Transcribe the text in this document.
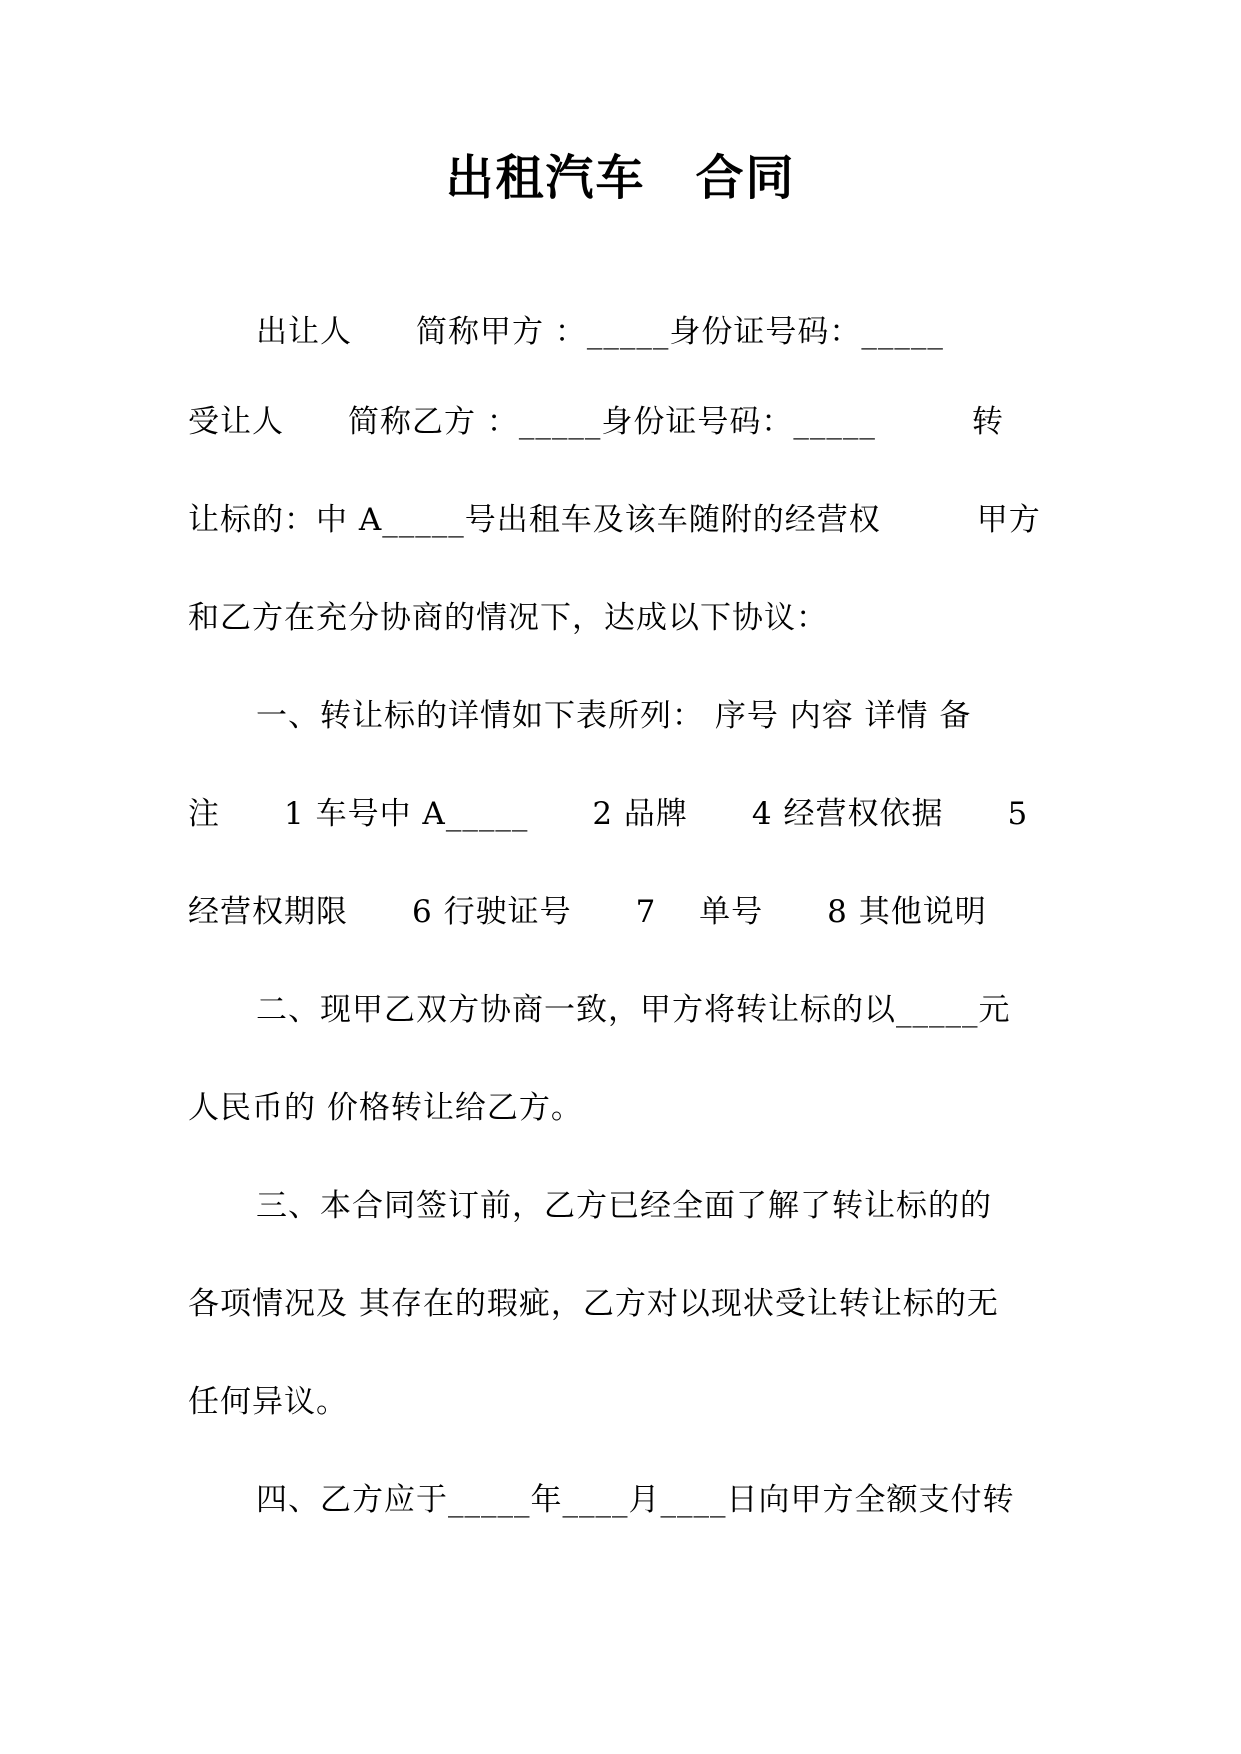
出租汽车　合同
出让人　　简称甲方 ：_____身份证号码：_____
受让人　　简称乙方 ：_____身份证号码：_____　　　转
让标的：中 A_____号出租车及该车随附的经营权　　　甲方
和乙方在充分协商的情况下，达成以下协议：
一、转让标的详情如下表所列： 序号 内容 详情 备
注　　1 车号中 A_____　　2 品牌　　4 经营权依据　　5
经营权期限　　6 行驶证号　　7　 单号　　8 其他说明
二、现甲乙双方协商一致，甲方将转让标的以_____元
人民币的 价格转让给乙方。
三、本合同签订前，乙方已经全面了解了转让标的的
各项情况及 其存在的瑕疵，乙方对以现状受让转让标的无
任何异议。
四、乙方应于_____年____月____日向甲方全额支付转
